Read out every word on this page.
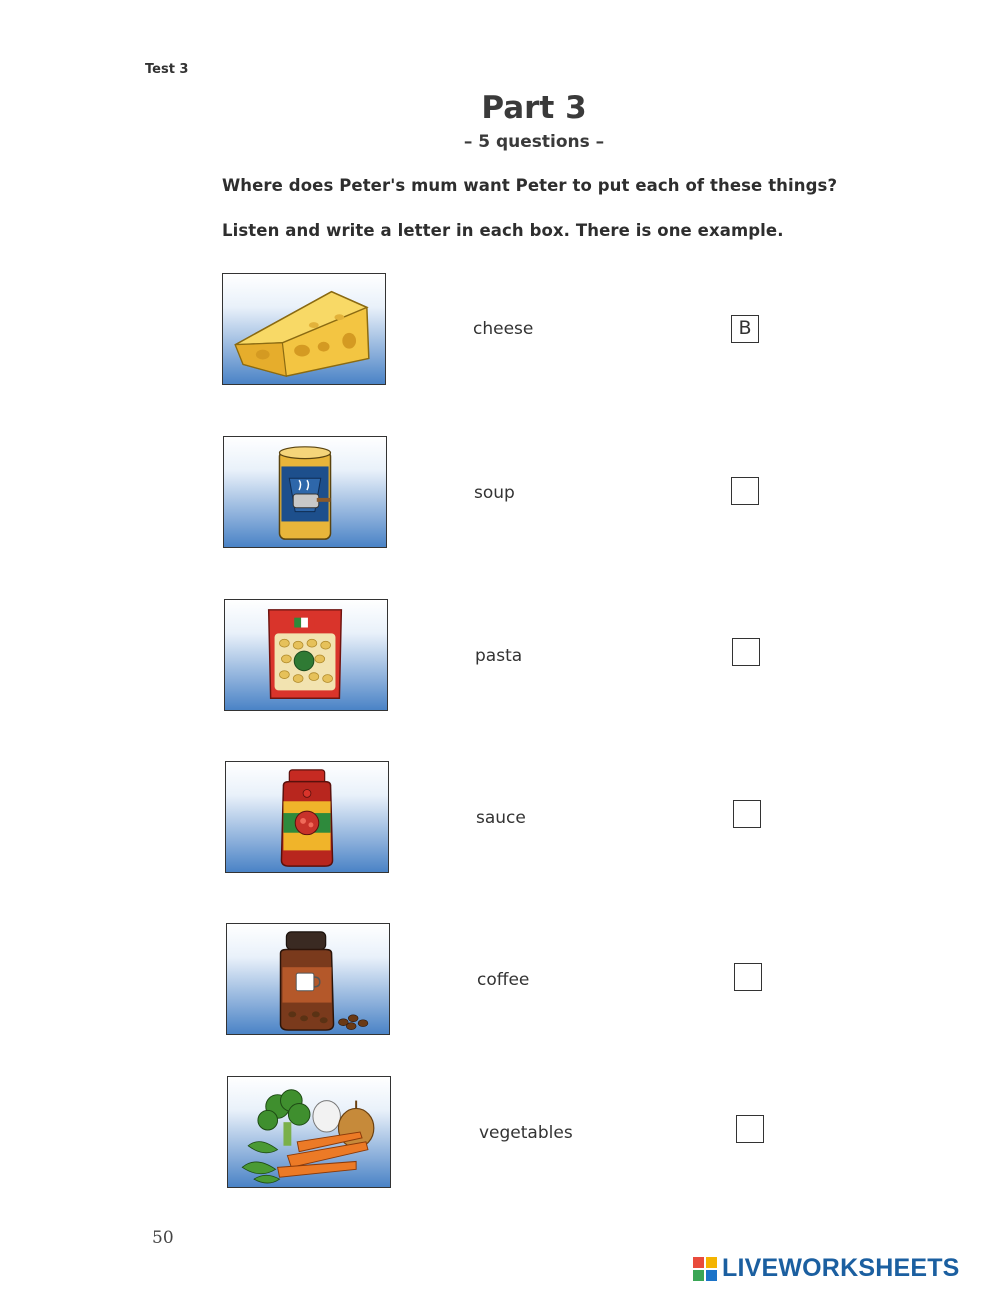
Test 3
Part 3
– 5 questions –
Where does Peter's mum want Peter to put each of these things?
Listen and write a letter in each box. There is one example.
cheese	B
soup
pasta
sauce
coffee
vegetables
50
LIVEWORKSHEETS
